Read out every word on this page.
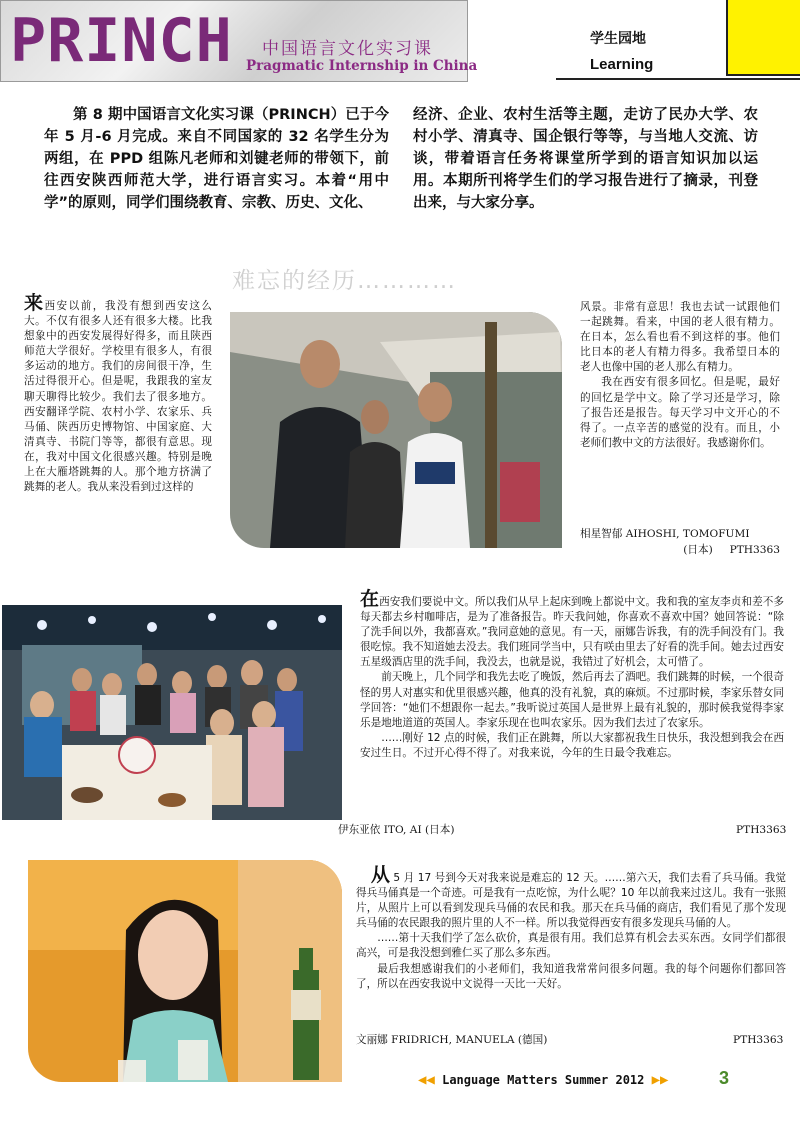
PRINCH 中国语言文化实习课
Pragmatic Internship in China
学生园地
Learning
第 8 期中国语言文化实习课（PRINCH）已于今年 5 月-6 月完成。来自不同国家的 32 名学生分为两组，在 PPD 组陈凡老师和刘键老师的带领下，前往西安陕西师范大学，进行语言实习。本着“用中学”的原则，同学们围绕教育、宗教、历史、文化、
经济、企业、农村生活等主题，走访了民办大学、农村小学、清真寺、国企银行等等，与当地人交流、访谈，带着语言任务将课堂所学到的语言知识加以运用。本期所刊将学生们的学习报告进行了摘录，刊登出来，与大家分享。
难忘的经历…………
来西安以前，我没有想到西安这么大。不仅有很多人还有很多大楼。比我想象中的西安发展得好得多，而且陕西师范大学很好。学校里有很多人，有很多运动的地方。我们的房间很干净，生活过得很开心。但是呢，我跟我的室友聊天聊得比较少。我们去了很多地方。西安翻译学院、农村小学、农家乐、兵马俑、陕西历史博物馆、中国家庭、大清真寺、书院门等等，都很有意思。现在，我对中国文化很感兴趣。特别是晚上在大雁塔跳舞的人。那个地方挤满了跳舞的老人。我从来没看到过这样的
风景。非常有意思！我也去试一试跟他们一起跳舞。看来，中国的老人很有精力。在日本，怎么看也看不到这样的事。他们比日本的老人有精力得多。我希望日本的老人也像中国的老人那么有精力。
我在西安有很多回忆。但是呢，最好的回忆是学中文。除了学习还是学习，除了报告还是报告。每天学习中文开心的不得了。一点辛苦的感觉的没有。而且，小老师们教中文的方法很好。我感谢你们。
相星智郁 AIHOSHI, TOMOFUMI
(日本) PTH3363
在西安我们要说中文。所以我们从早上起床到晚上都说中文。我和我的室友李贞和差不多每天都去乡村咖啡店，是为了准备报告。昨天我问她，你喜欢不喜欢中国？她回答说：“除了洗手间以外，我都喜欢。”我同意她的意见。有一天，丽娜告诉我，有的洗手间没有门。我很吃惊。我不知道她去没去。我们班同学当中，只有咲由里去了好看的洗手间。她去过西安五星级酒店里的洗手间，我没去，也就是说，我错过了好机会，太可惜了。
前天晚上，几个同学和我先去吃了晚饭，然后再去了酒吧。我们跳舞的时候，一个很奇怪的男人对惠实和优里很感兴趣，他真的没有礼貌，真的麻烦。不过那时候，李家乐替女同学回答：“她们不想跟你一起去。”我听说过英国人是世界上最有礼貌的，那时候我觉得李家乐是地地道道的英国人。李家乐现在也叫农家乐。因为我们去过了农家乐。
……刚好 12 点的时候，我们正在跳舞，所以大家都祝我生日快乐，我没想到我会在西安过生日。不过开心得不得了。对我来说，今年的生日最令我难忘。
伊东亚依 ITO, AI (日本)	PTH3363
从 5 月 17 号到今天对我来说是难忘的 12 天。……第六天，我们去看了兵马俑。我觉得兵马俑真是一个奇迹。可是我有一点吃惊，为什么呢？10 年以前我来过这儿。我有一张照片，从照片上可以看到发现兵马俑的农民和我。那天在兵马俑的商店，我们看见了那个发现兵马俑的农民跟我的照片里的人不一样。所以我觉得西安有很多发现兵马俑的人。
……第十天我们学了怎么砍价，真是很有用。我们总算有机会去买东西。女同学们都很高兴，可是我没想到雅仁买了那么多东西。
最后我想感谢我们的小老师们，我知道我常常问很多问题。我的每个问题你们都回答了，所以在西安我说中文说得一天比一天好。
文丽娜 FRIDRICH, MANUELA (德国)	PTH3363
◀◀ Language Matters Summer 2012 ▶▶	3
